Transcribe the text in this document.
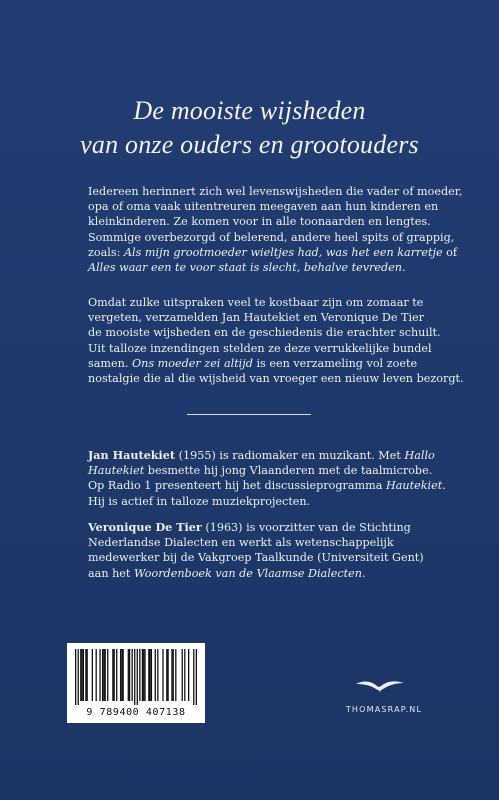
De mooiste wijsheden
van onze ouders en grootouders
Iedereen herinnert zich wel levenswijsheden die vader of moeder,
opa of oma vaak uitentreuren meegaven aan hun kinderen en
kleinkinderen. Ze komen voor in alle toonaarden en lengtes.
Sommige overbezorgd of belerend, andere heel spits of grappig,
zoals: Als mijn grootmoeder wieltjes had, was het een karretje of
Alles waar een te voor staat is slecht, behalve tevreden.
Omdat zulke uitspraken veel te kostbaar zijn om zomaar te
vergeten, verzamelden Jan Hautekiet en Veronique De Tier
de mooiste wijsheden en de geschiedenis die erachter schuilt.
Uit talloze inzendingen stelden ze deze verrukkelijke bundel
samen. Ons moeder zei altijd is een verzameling vol zoete
nostalgie die al die wijsheid van vroeger een nieuw leven bezorgt.
Jan Hautekiet (1955) is radiomaker en muzikant. Met Hallo
Hautekiet besmette hij jong Vlaanderen met de taalmicrobe.
Op Radio 1 presenteert hij het discussieprogramma Hautekiet.
Hij is actief in talloze muziekprojecten.
Veronique De Tier (1963) is voorzitter van de Stichting
Nederlandse Dialecten en werkt als wetenschappelijk
medewerker bij de Vakgroep Taalkunde (Universiteit Gent)
aan het Woordenboek van de Vlaamse Dialecten.
9 789400 407138	THOMASRAP.NL
